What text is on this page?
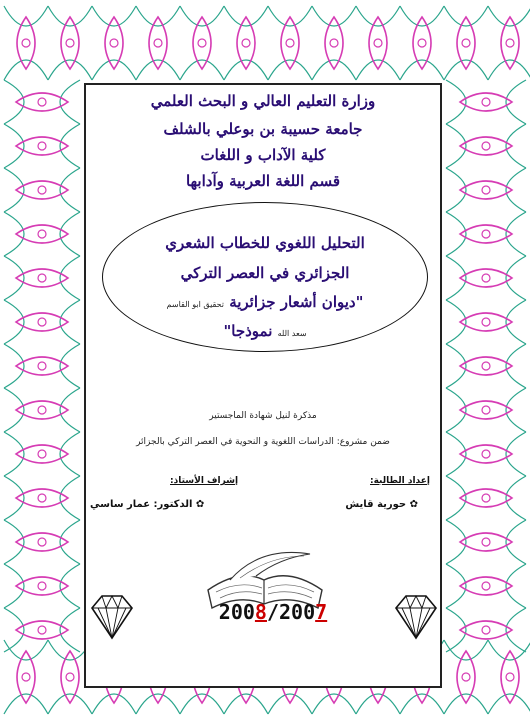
وزارة التعليم العالي و البحث العلمي
جامعة حسيبة بن بوعلي بالشلف
كلية الآداب و اللغات
قسم اللغة العربية وآدابها
التحليل اللغوي للخطاب الشعري
الجزائري في العصر التركي
"ديوان أشعار جزائرية تحقيق ابو القاسم
سعد الله نموذجا"
مذكرة لنيل شهادة الماجستير
ضمن مشروع: الدراسات اللغوية و النحوية في العصر التركي بالجزائر
إعداد الطالبة:
إشراف الأستاذ:
✿ حورية قايش
✿ الدكتور: عمار ساسي
2008/2007
